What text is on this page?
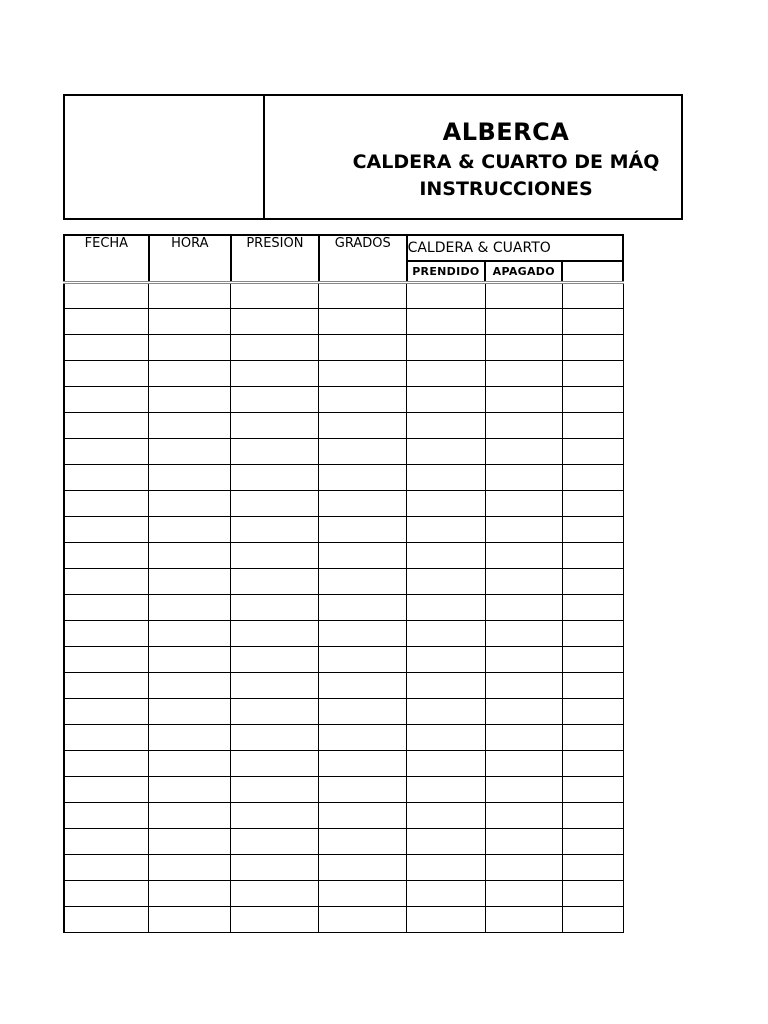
ALBERCA
CALDERA & CUARTO DE MÁQ
INSTRUCCIONES
FECHA	HORA	PRESIÓN	GRADOS	CALDERA & CUARTO		
				PRENDIDO	APAGADO	
